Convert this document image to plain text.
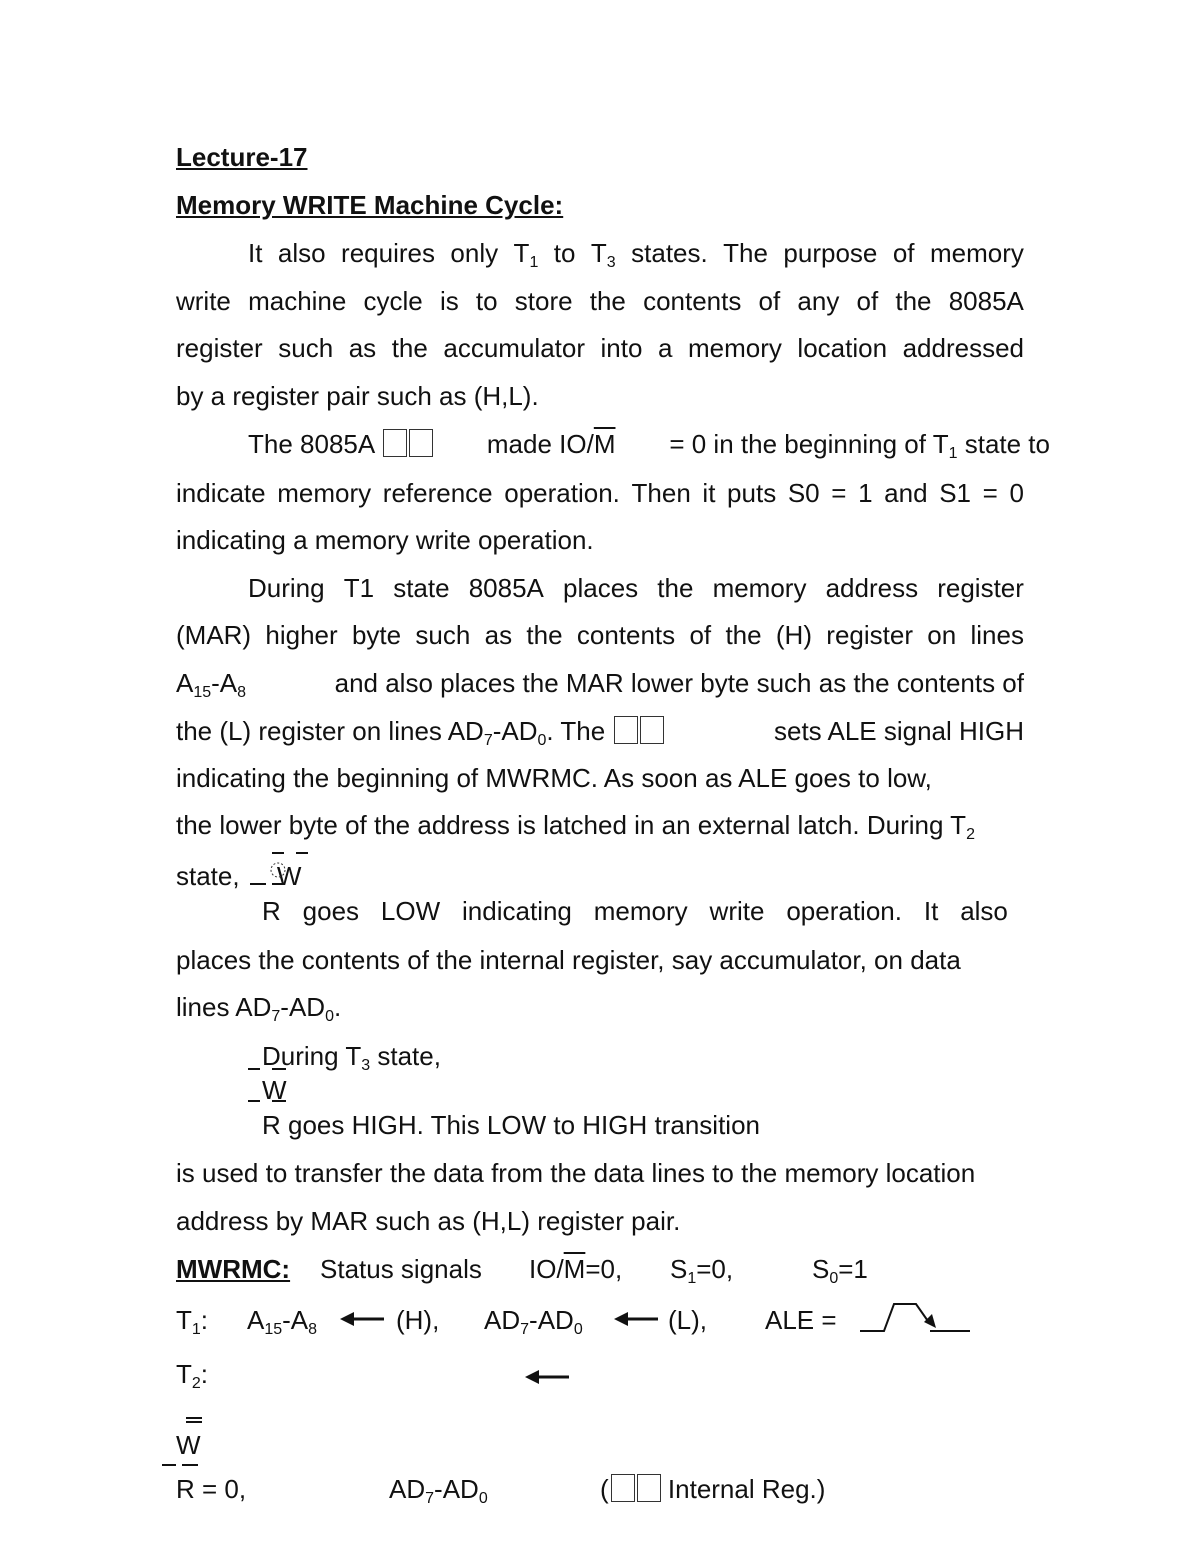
Lecture-17
Memory WRITE Machine Cycle:
It also requires only $T_1$ to $T_3$ states. The purpose of memory
write machine cycle is to store the contents of any of the 8085A
register such as the accumulator into a memory location addressed
by a register pair such as (H,L).
The 8085A	made $IO/\overline{M} = 0$ in the beginning of $T_1$ state to
indicate memory reference operation. Then it puts S0 = 1 and S1 = 0
indicating a memory write operation.
During T1 state 8085A places the memory address register
(MAR) higher byte such as the contents of the (H) register on lines
$A_{15}-A_8$	and also places the MAR lower byte such as the contents of
the (L) register on lines $AD_7-AD_0$. The	sets ALE signal HIGH
indicating the beginning of MWRMC. As soon as ALE goes to low,
the lower byte of the address is latched in an external latch. During $T_2$
state, W
R goes LOW indicating memory write operation. It also
places the contents of the internal register, say accumulator, on data
lines $AD_7-AD_0$.
During $T_3$ state,
W
R goes HIGH. This LOW to HIGH transition
is used to transfer the data from the data lines to the memory location
address by MAR such as (H,L) register pair.
MWRMC: Status signals $IO/\overline{M}=0$, $S_1=0$,	$S_0=1$
$T_1$: $A_{15}-A_8$	(H), $AD_7-AD_0$	(L), ALE =
$T_2$:
W
R = 0,	$AD_7-AD_0$	( Internal Reg.)
